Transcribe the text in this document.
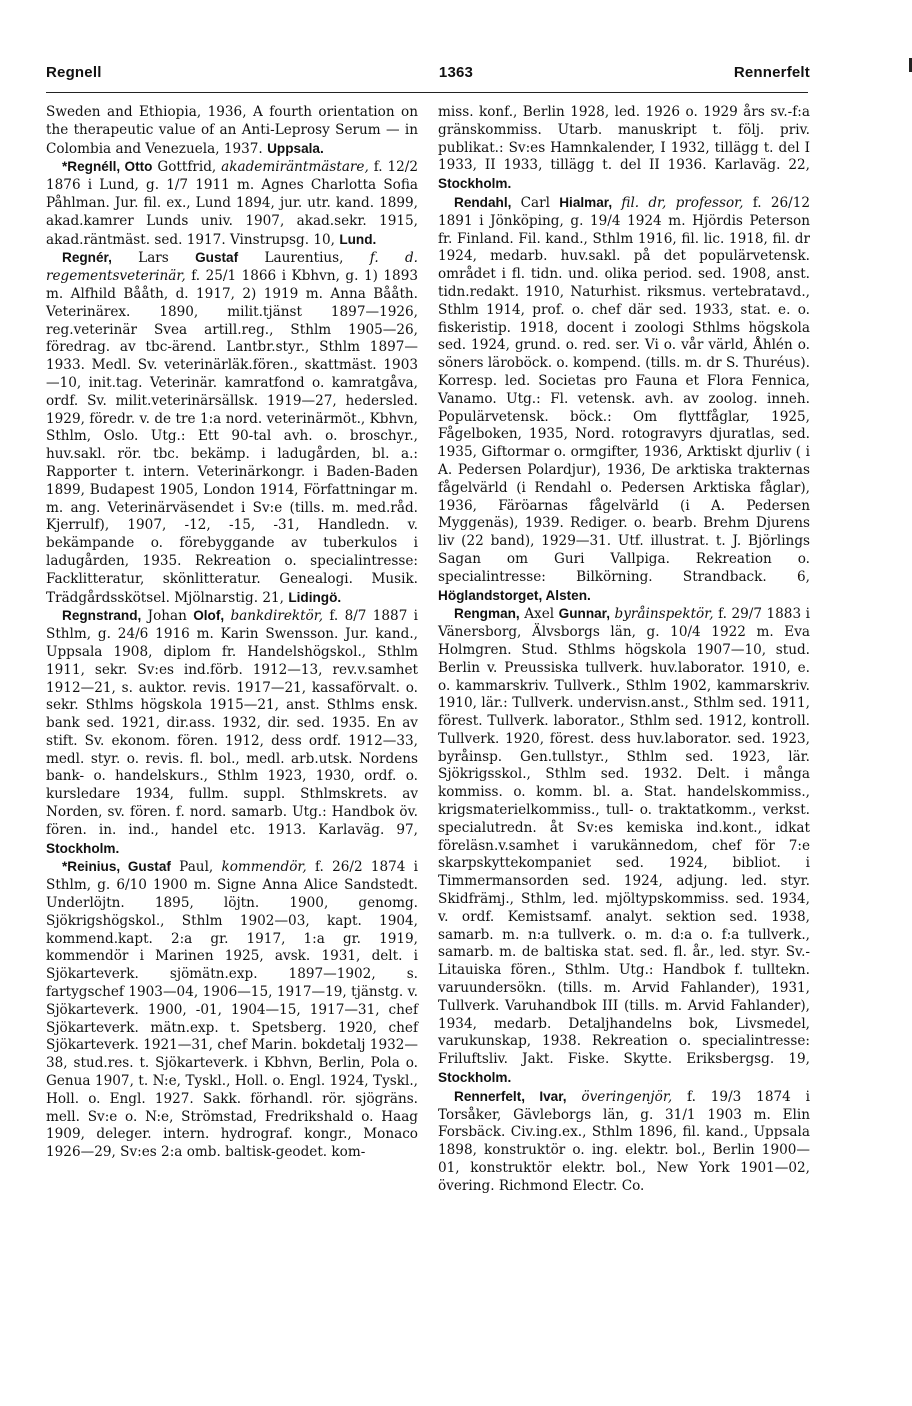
Regnell	1363	Rennerfelt

Sweden and Ethiopia, 1936, A fourth orientation on the therapeutic value of an Anti-Leprosy Serum — in Colombia and Venezuela, 1937. Uppsala.

*Regnéll, Otto Gottfrid, akademiräntmästare, f. 12/2 1876 i Lund, g. 1/7 1911 m. Agnes Charlotta Sofia Påhlman. Jur. fil. ex., Lund 1894, jur. utr. kand. 1899, akad.kamrer Lunds univ. 1907, akad.sekr. 1915, akad.räntmäst. sed. 1917. Vinstrupsg. 10, Lund.

Regnér, Lars Gustaf Laurentius, f. d. regementsveterinär, f. 25/1 1866 i Kbhvn, g. 1) 1893 m. Alfhild Bååth, d. 1917, 2) 1919 m. Anna Bååth. Veterinärex. 1890, milit.tjänst 1897—1926, reg.veterinär Svea artill.reg., Sthlm 1905—26, föredrag. av tbc-ärend. Lantbr.styr., Sthlm 1897—1933. Medl. Sv. veterinärläk.fören., skattmäst. 1903—10, init.tag. Veterinär. kamratfond o. kamratgåva, ordf. Sv. milit.veterinärsällsk. 1919—27, hedersled. 1929, föredr. v. de tre 1:a nord. veterinärmöt., Kbhvn, Sthlm, Oslo. Utg.: Ett 90-tal avh. o. broschyr., huv.sakl. rör. tbc. bekämp. i ladugården, bl. a.: Rapporter t. intern. Veterinärkongr. i Baden-Baden 1899, Budapest 1905, London 1914, Författningar m. m. ang. Veterinärväsendet i Sv:e (tills. m. med.råd. Kjerrulf), 1907, -12, -15, -31, Handledn. v. bekämpande o. förebyggande av tuberkulos i ladugården, 1935. Rekreation o. specialintresse: Facklitteratur, skönlitteratur. Genealogi. Musik. Trädgårdsskötsel. Mjölnarstig. 21, Lidingö.

Regnstrand, Johan Olof, bankdirektör, f. 8/7 1887 i Sthlm, g. 24/6 1916 m. Karin Swensson. Jur. kand., Uppsala 1908, diplom fr. Handelshögskol., Sthlm 1911, sekr. Sv:es ind.förb. 1912—13, rev.v.samhet 1912—21, s. auktor. revis. 1917—21, kassaförvalt. o. sekr. Sthlms högskola 1915—21, anst. Sthlms ensk. bank sed. 1921, dir.ass. 1932, dir. sed. 1935. En av stift. Sv. ekonom. fören. 1912, dess ordf. 1912—33, medl. styr. o. revis. fl. bol., medl. arb.utsk. Nordens bank- o. handelskurs., Sthlm 1923, 1930, ordf. o. kursledare 1934, fullm. suppl. Sthlmskrets. av Norden, sv. fören. f. nord. samarb. Utg.: Handbok öv. fören. in. ind., handel etc. 1913. Karlaväg. 97, Stockholm.

*Reinius, Gustaf Paul, kommendör, f. 26/2 1874 i Sthlm, g. 6/10 1900 m. Signe Anna Alice Sandstedt. Underlöjtn. 1895, löjtn. 1900, genomg. Sjökrigshögskol., Sthlm 1902—03, kapt. 1904, kommend.kapt. 2:a gr. 1917, 1:a gr. 1919, kommendör i Marinen 1925, avsk. 1931, delt. i Sjökarteverk. sjömätn.exp. 1897—1902, s. fartygschef 1903—04, 1906—15, 1917—19, tjänstg. v. Sjökarteverk. 1900, -01, 1904—15, 1917—31, chef Sjökarteverk. mätn.exp. t. Spetsberg. 1920, chef Sjökarteverk. 1921—31, chef Marin. bokdetalj 1932—38, stud.res. t. Sjökarteverk. i Kbhvn, Berlin, Pola o. Genua 1907, t. N:e, Tyskl., Holl. o. Engl. 1924, Tyskl., Holl. o. Engl. 1927. Sakk. förhandl. rör. sjögräns. mell. Sv:e o. N:e, Strömstad, Fredrikshald o. Haag 1909, deleger. intern. hydrograf. kongr., Monaco 1926—29, Sv:es 2:a omb. baltisk-geodet. kom-

miss. konf., Berlin 1928, led. 1926 o. 1929 års sv.-f:a gränskommiss. Utarb. manuskript t. följ. priv. publikat.: Sv:es Hamnkalender, I 1932, tillägg t. del I 1933, II 1933, tillägg t. del II 1936. Karlaväg. 22, Stockholm.

Rendahl, Carl Hialmar, fil. dr, professor, f. 26/12 1891 i Jönköping, g. 19/4 1924 m. Hjördis Peterson fr. Finland. Fil. kand., Sthlm 1916, fil. lic. 1918, fil. dr 1924, medarb. huv.sakl. på det populärvetensk. området i fl. tidn. und. olika period. sed. 1908, anst. tidn.redakt. 1910, Naturhist. riksmus. vertebratavd., Sthlm 1914, prof. o. chef där sed. 1933, stat. e. o. fiskeristip. 1918, docent i zoologi Sthlms högskola sed. 1924, grund. o. red. ser. Vi o. vår värld, Åhlén o. söners läroböck. o. kompend. (tills. m. dr S. Thuréus). Korresp. led. Societas pro Fauna et Flora Fennica, Vanamo. Utg.: Fl. vetensk. avh. av zoolog. inneh. Populärvetensk. böck.: Om flyttfåglar, 1925, Fågelboken, 1935, Nord. rotogravyrs djuratlas, sed. 1935, Giftormar o. ormgifter, 1936, Arktiskt djurliv ( i A. Pedersen Polardjur), 1936, De arktiska trakternas fågelvärld (i Rendahl o. Pedersen Arktiska fåglar), 1936, Färöarnas fågelvärld (i A. Pedersen Myggenäs), 1939. Rediger. o. bearb. Brehm Djurens liv (22 band), 1929—31. Utf. illustrat. t. J. Björlings Sagan om Guri Vallpiga. Rekreation o. specialintresse: Bilkörning. Strandback. 6, Höglandstorget, Alsten.

Rengman, Axel Gunnar, byråinspektör, f. 29/7 1883 i Vänersborg, Älvsborgs län, g. 10/4 1922 m. Eva Holmgren. Stud. Sthlms högskola 1907—10, stud. Berlin v. Preussiska tullverk. huv.laborator. 1910, e. o. kammarskriv. Tullverk., Sthlm 1902, kammarskriv. 1910, lär.: Tullverk. undervisn.anst., Sthlm sed. 1911, förest. Tullverk. laborator., Sthlm sed. 1912, kontroll. Tullverk. 1920, förest. dess huv.laborator. sed. 1923, byråinsp. Gen.tullstyr., Sthlm sed. 1923, lär. Sjökrigsskol., Sthlm sed. 1932. Delt. i många kommiss. o. komm. bl. a. Stat. handelskommiss., krigsmaterielkommiss., tull- o. traktatkomm., verkst. specialutredn. åt Sv:es kemiska ind.kont., idkat föreläsn.v.samhet i varukännedom, chef för 7:e skarpskyttekompaniet sed. 1924, bibliot. i Timmermansorden sed. 1924, adjung. led. styr. Skidfrämj., Sthlm, led. mjöltypskommiss. sed. 1934, v. ordf. Kemistsamf. analyt. sektion sed. 1938, samarb. m. n:a tullverk. o. m. d:a o. f:a tullverk., samarb. m. de baltiska stat. sed. fl. år., led. styr. Sv.-Litauiska fören., Sthlm. Utg.: Handbok f. tulltekn. varuundersökn. (tills. m. Arvid Fahlander), 1931, Tullverk. Varuhandbok III (tills. m. Arvid Fahlander), 1934, medarb. Detaljhandelns bok, Livsmedel, varukunskap, 1938. Rekreation o. specialintresse: Friluftsliv. Jakt. Fiske. Skytte. Eriksbergsg. 19, Stockholm.

Rennerfelt, Ivar, överingenjör, f. 19/3 1874 i Torsåker, Gävleborgs län, g. 31/1 1903 m. Elin Forsbäck. Civ.ing.ex., Sthlm 1896, fil. kand., Uppsala 1898, konstruktör o. ing. elektr. bol., Berlin 1900—01, konstruktör elektr. bol., New York 1901—02, övering. Richmond Electr. Co.
